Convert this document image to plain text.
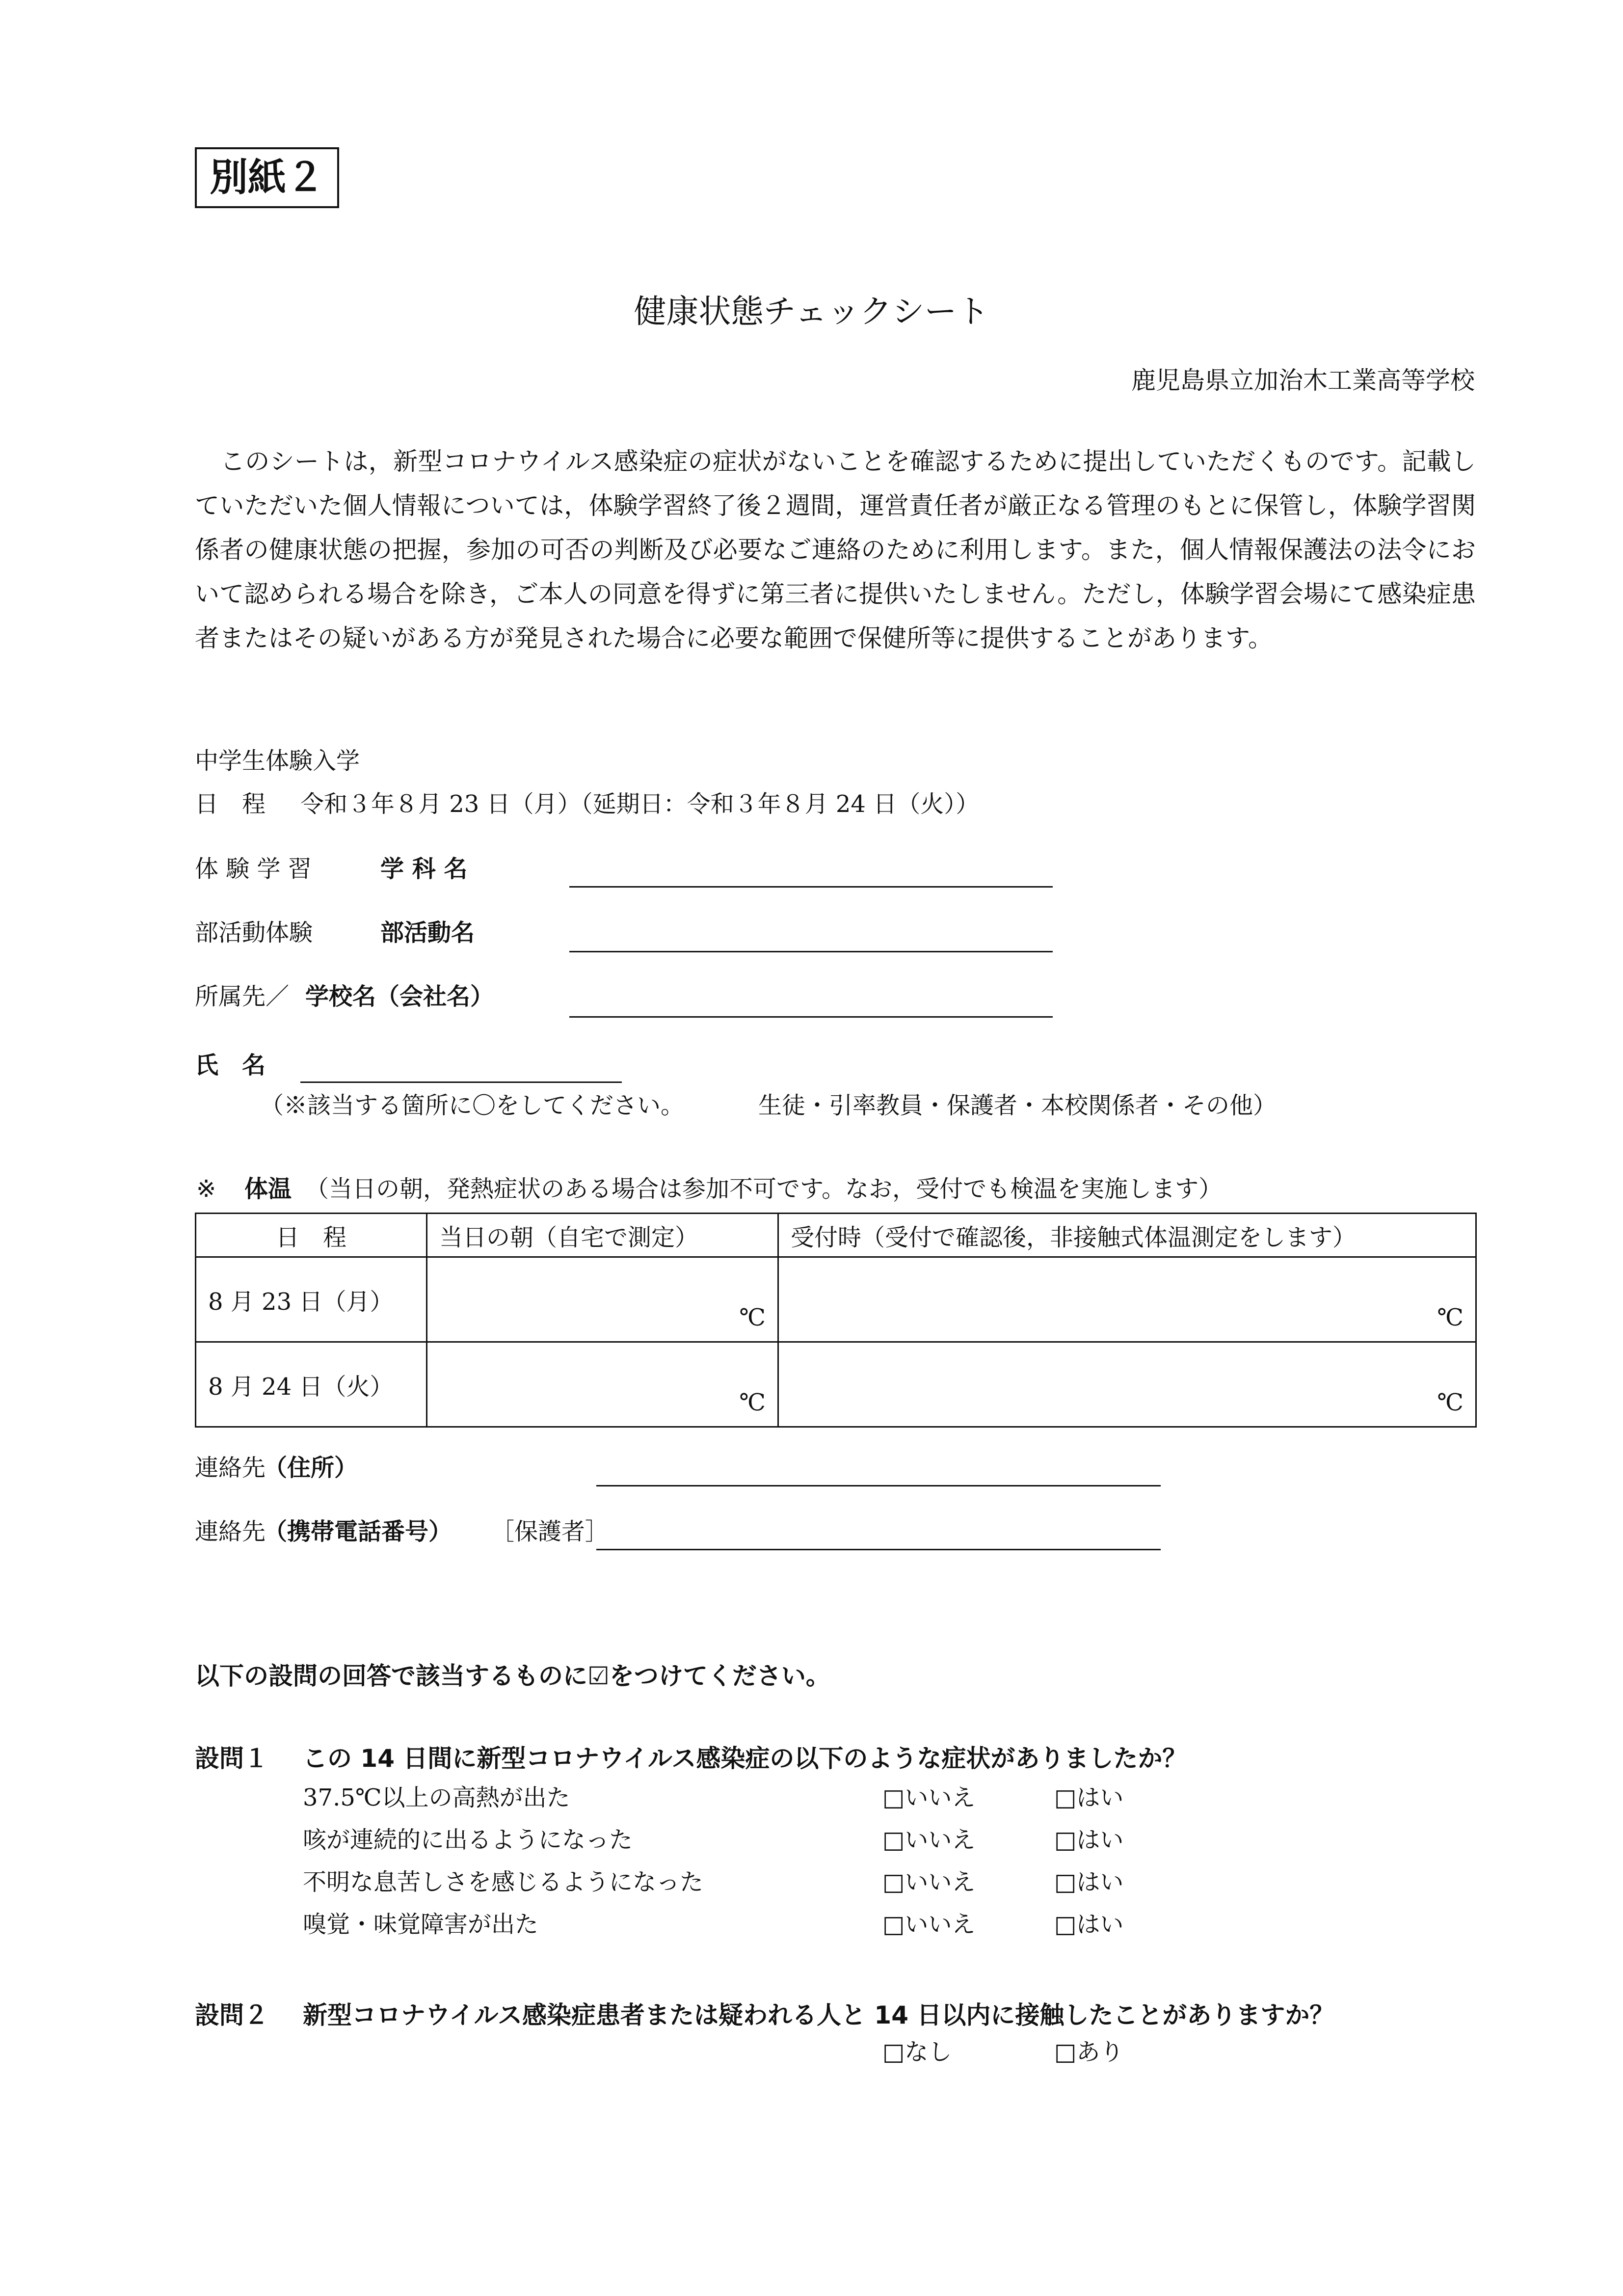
別紙２
健康状態チェックシート
鹿児島県立加治木工業高等学校
このシートは，新型コロナウイルス感染症の症状がないことを確認するために提出していただくものです。記載していただいた個人情報については，体験学習終了後２週間，運営責任者が厳正なる管理のもとに保管し，体験学習関係者の健康状態の把握，参加の可否の判断及び必要なご連絡のために利用します。また，個人情報保護法の法令において認められる場合を除き，ご本人の同意を得ずに第三者に提供いたしません。ただし，体験学習会場にて感染症患者またはその疑いがある方が発見された場合に必要な範囲で保健所等に提供することがあります。
中学生体験入学
日　程 令和３年８月 23 日（月）（延期日：令和３年８月 24 日（火））
体 験 学 習	学 科 名
部活動体験	部活動名
所属先／ 学校名（会社名）
氏　名
（※該当する箇所に〇をしてください。	生徒・引率教員・保護者・本校関係者・その他）
※ 体温 （当日の朝，発熱症状のある場合は参加不可です。なお，受付でも検温を実施します）
日　程	当日の朝（自宅で測定）	受付時（受付で確認後，非接触式体温測定をします）
8 月 23 日（月）	℃	℃
8 月 24 日（火）	℃	℃
連絡先
（住所）
連絡先
（携帯電話番号） ［保護者］
以下の設問の回答で該当するものに☑をつけてください。
設問１ この 14 日間に新型コロナウイルス感染症の以下のような症状がありましたか？
37.5℃以上の高熱が出た	□いいえ	□はい
咳が連続的に出るようになった	□いいえ	□はい
不明な息苦しさを感じるようになった	□いいえ	□はい
嗅覚・味覚障害が出た	□いいえ	□はい
設問２ 新型コロナウイルス感染症患者または疑われる人と 14 日以内に接触したことがありますか？
□なし	□あり
